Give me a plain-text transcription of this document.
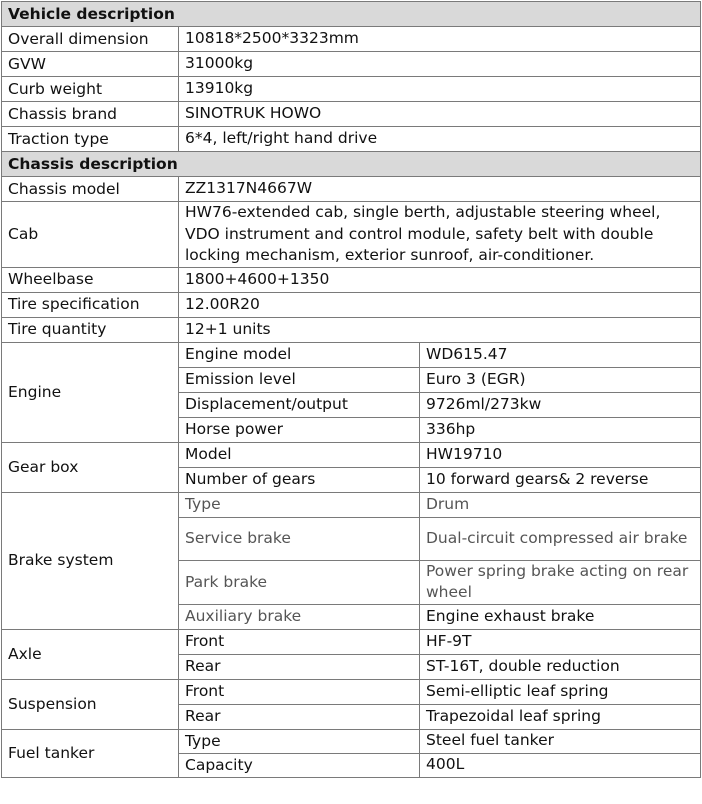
Vehicle description		
Overall dimension	10818*2500*3323mm	
GVW	31000kg	
Curb weight	13910kg	
Chassis brand	SINOTRUK HOWO	
Traction type	6*4, left/right hand drive	
Chassis description		
Chassis model	ZZ1317N4667W	
Cab	HW76-extended cab, single berth, adjustable steering wheel, VDO instrument and control module, safety belt with double locking mechanism, exterior sunroof, air-conditioner.	
Wheelbase	1800+4600+1350	
Tire specification	12.00R20	
Tire quantity	12+1 units	
Engine	Engine model	WD615.47
	Emission level	Euro 3 (EGR)
	Displacement/output	9726ml/273kw
	Horse power	336hp
Gear box	Model	HW19710
	Number of gears	10 forward gears& 2 reverse
Brake system	Type	Drum
	Service brake	Dual-circuit compressed air brake
	Park brake	Power spring brake acting on rear wheel
	Auxiliary brake	Engine exhaust brake
Axle	Front	HF-9T
	Rear	ST-16T, double reduction
Suspension	Front	Semi-elliptic leaf spring
	Rear	Trapezoidal leaf spring
Fuel tanker	Type	Steel fuel tanker
	Capacity	400L
